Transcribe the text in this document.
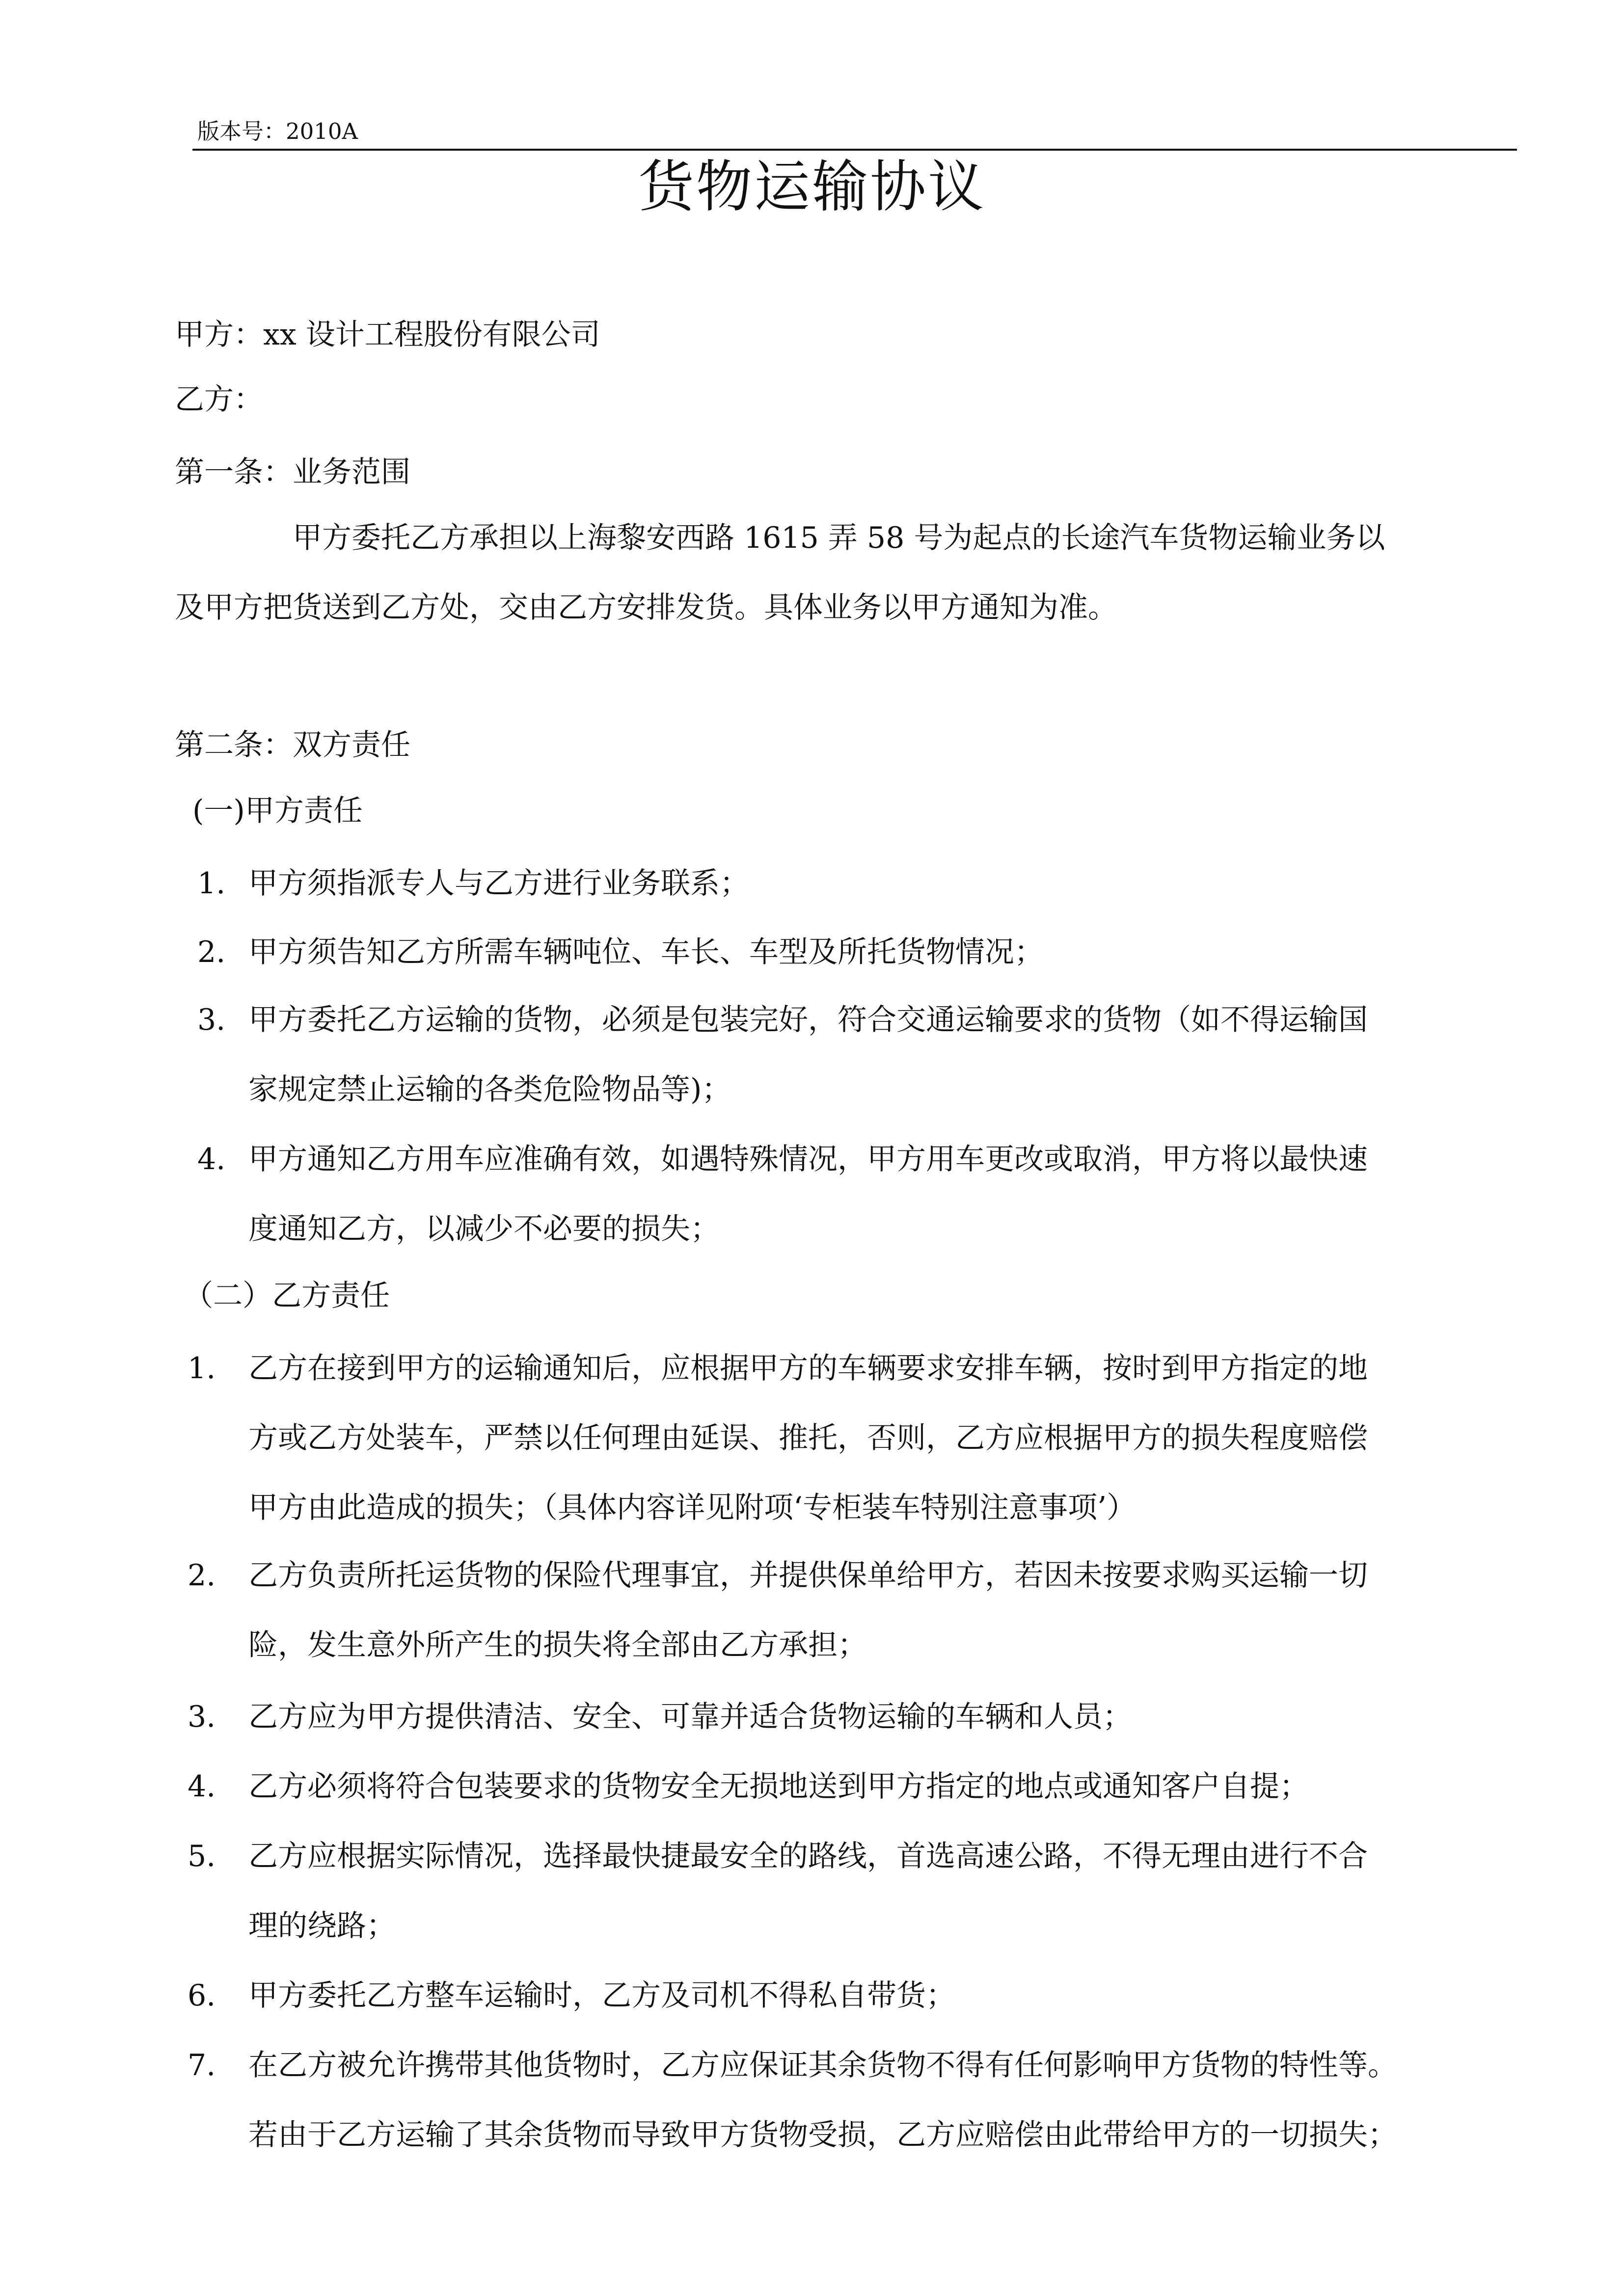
版本号：2010A
货物运输协议
甲方：xx 设计工程股份有限公司
乙方：
第一条：业务范围
甲方委托乙方承担以上海黎安西路 1615 弄 58 号为起点的长途汽车货物运输业务以
及甲方把货送到乙方处，交由乙方安排发货。具体业务以甲方通知为准。
第二条：双方责任
(一)甲方责任
1. 甲方须指派专人与乙方进行业务联系；
2. 甲方须告知乙方所需车辆吨位、车长、车型及所托货物情况；
3. 甲方委托乙方运输的货物，必须是包装完好，符合交通运输要求的货物（如不得运输国
家规定禁止运输的各类危险物品等)；
4. 甲方通知乙方用车应准确有效，如遇特殊情况，甲方用车更改或取消，甲方将以最快速
度通知乙方，以减少不必要的损失；
（二）乙方责任
1. 乙方在接到甲方的运输通知后，应根据甲方的车辆要求安排车辆，按时到甲方指定的地
方或乙方处装车，严禁以任何理由延误、推托，否则，乙方应根据甲方的损失程度赔偿
甲方由此造成的损失；（具体内容详见附项‘专柜装车特别注意事项’）
2. 乙方负责所托运货物的保险代理事宜，并提供保单给甲方，若因未按要求购买运输一切
险，发生意外所产生的损失将全部由乙方承担；
3. 乙方应为甲方提供清洁、安全、可靠并适合货物运输的车辆和人员；
4. 乙方必须将符合包装要求的货物安全无损地送到甲方指定的地点或通知客户自提；
5. 乙方应根据实际情况，选择最快捷最安全的路线，首选高速公路，不得无理由进行不合
理的绕路；
6. 甲方委托乙方整车运输时，乙方及司机不得私自带货；
7. 在乙方被允许携带其他货物时，乙方应保证其余货物不得有任何影响甲方货物的特性等。
若由于乙方运输了其余货物而导致甲方货物受损，乙方应赔偿由此带给甲方的一切损失；
